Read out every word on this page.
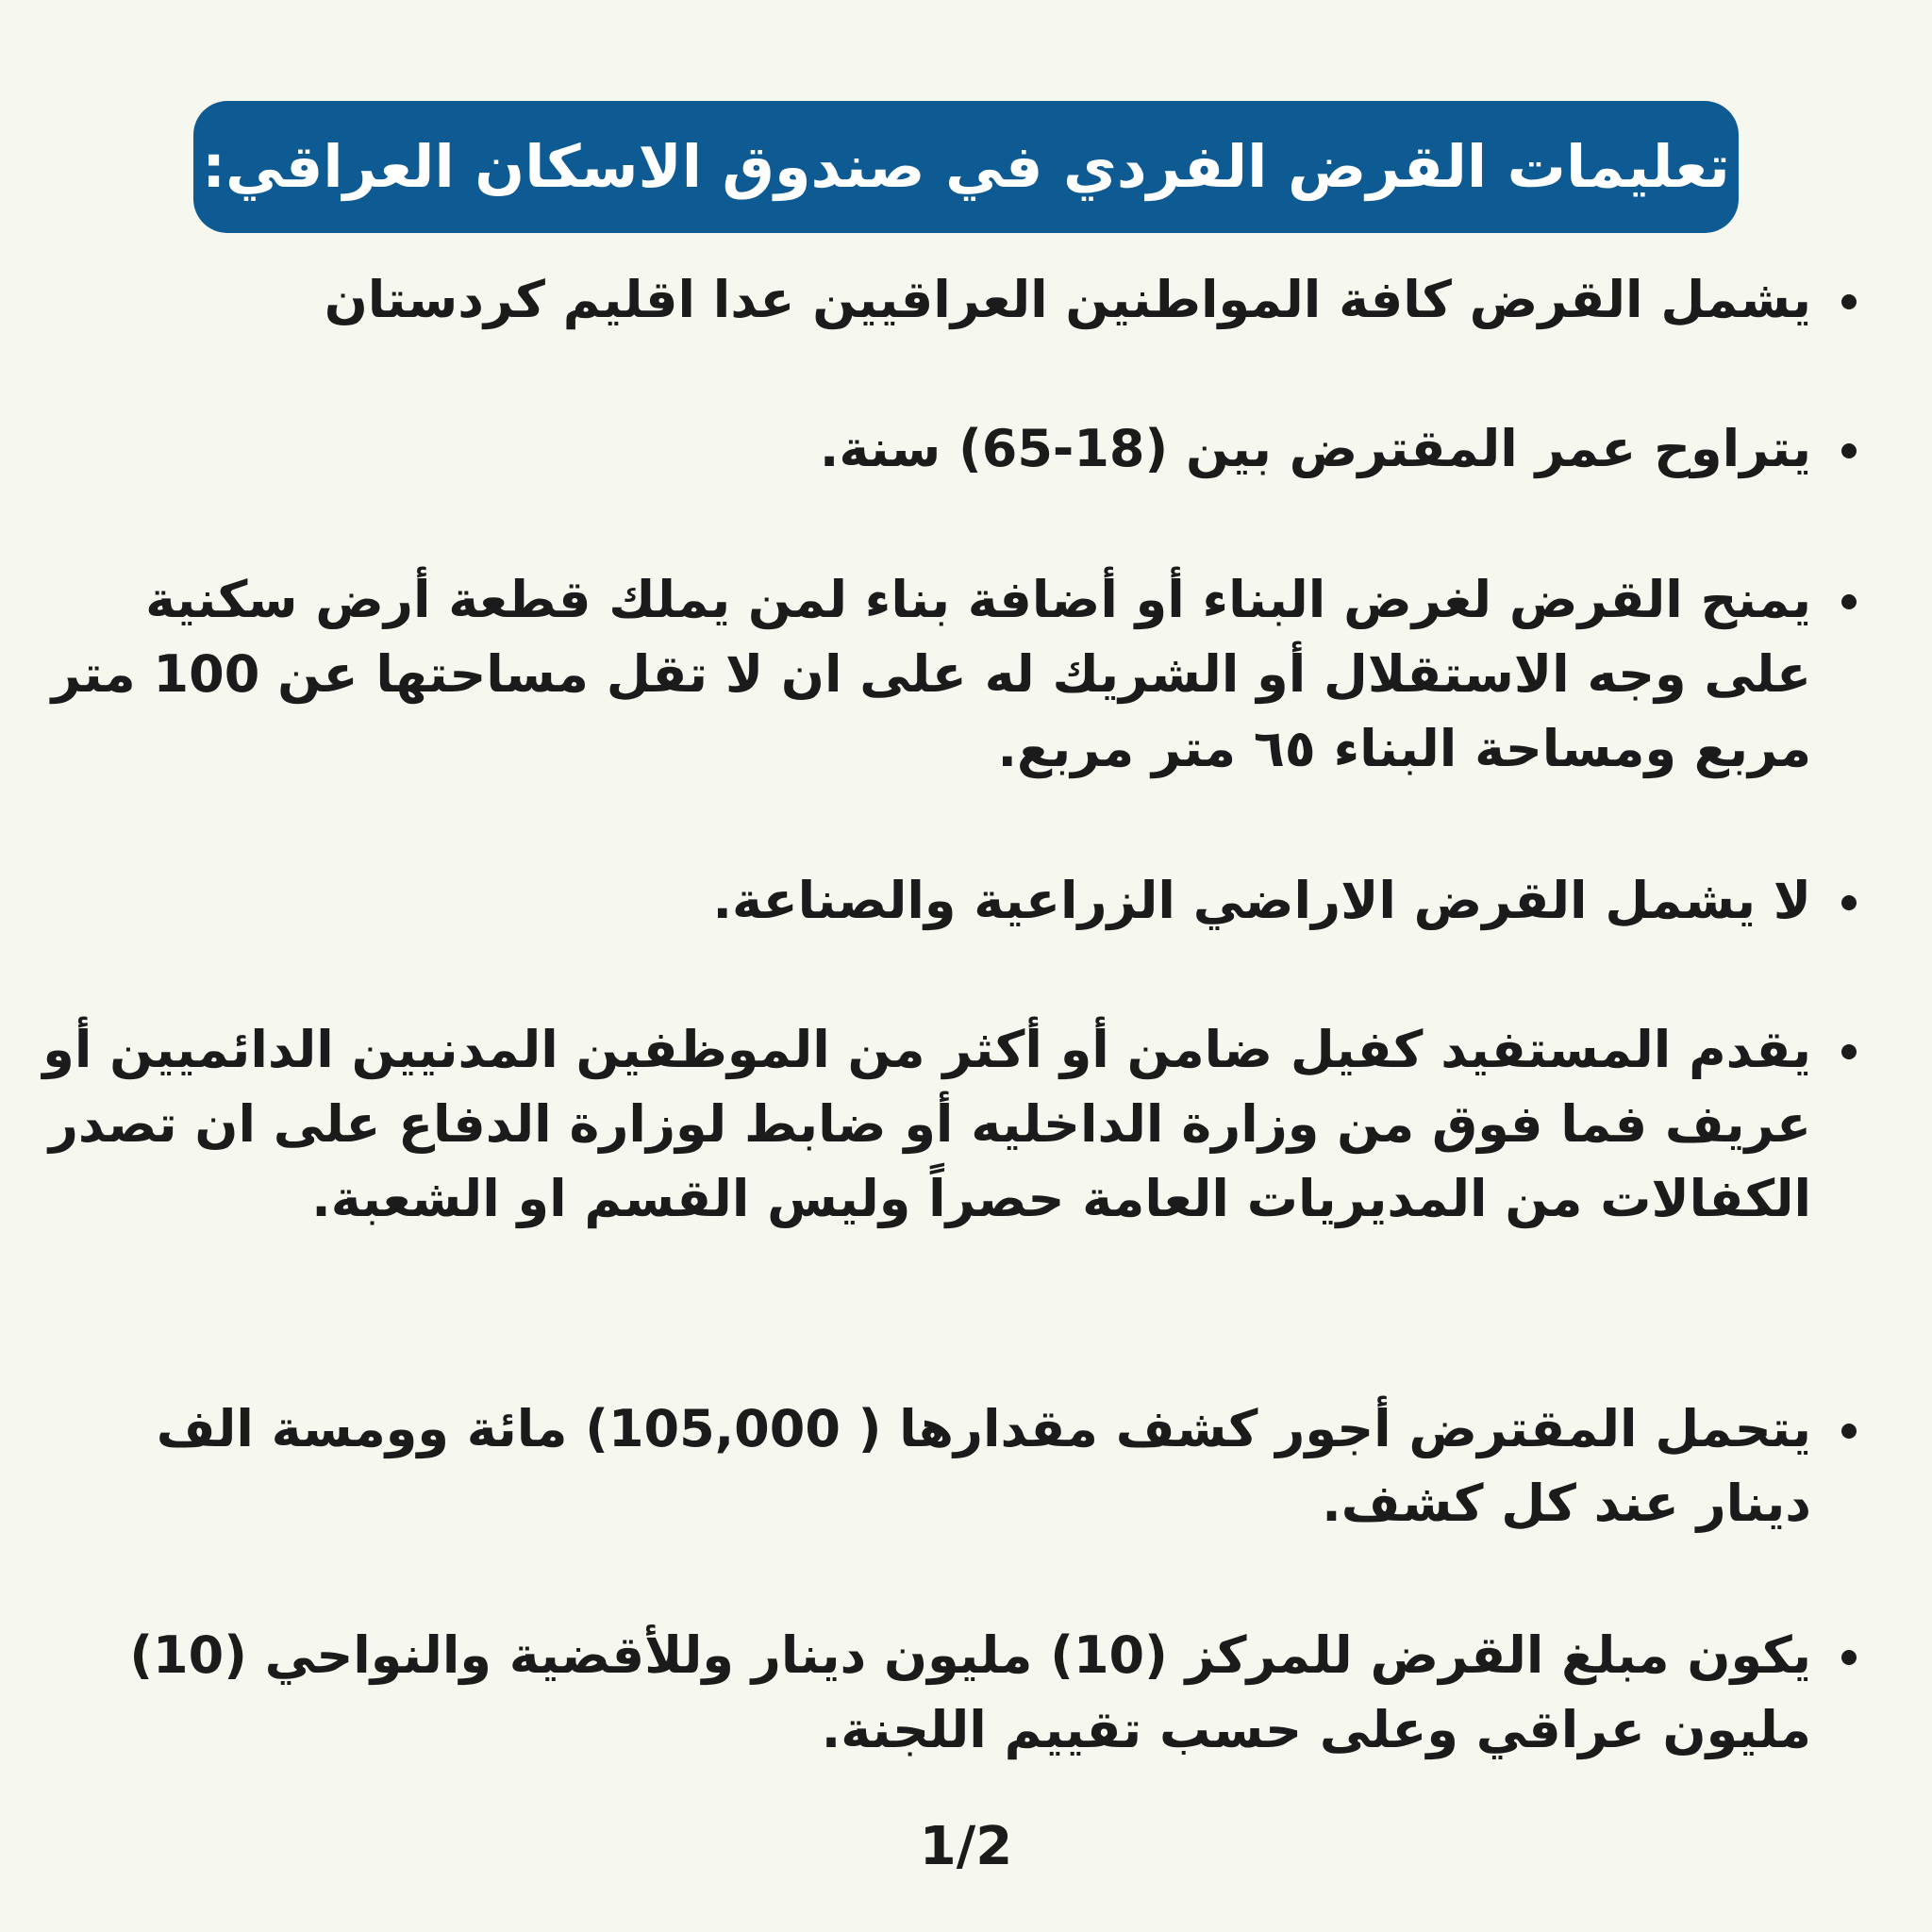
تعليمات القرض الفردي في صندوق الاسكان العراقي:
يشمل القرض كافة المواطنين العراقيين عدا اقليم كردستان
يتراوح عمر المقترض بين (18-65) سنة.
يمنح القرض لغرض البناء أو أضافة بناء لمن يملك قطعة أرض سكنية على وجه الاستقلال أو الشريك له على ان لا تقل مساحتها عن 100 متر مربع ومساحة البناء ٦٥ متر مربع.
لا يشمل القرض الاراضي الزراعية والصناعة.
يقدم المستفيد كفيل ضامن أو أكثر من الموظفين المدنيين الدائميين أو عريف فما فوق من وزارة الداخليه أو ضابط لوزارة الدفاع على ان تصدر الكفالات من المديريات العامة حصراً وليس القسم او الشعبة.
يتحمل المقترض أجور كشف مقدارها ( 105,000) مائة وومسة الف دينار عند كل كشف.
يكون مبلغ القرض للمركز (10) مليون دينار وللأقضية والنواحي (10) مليون عراقي وعلى حسب تقييم اللجنة.
1/2
